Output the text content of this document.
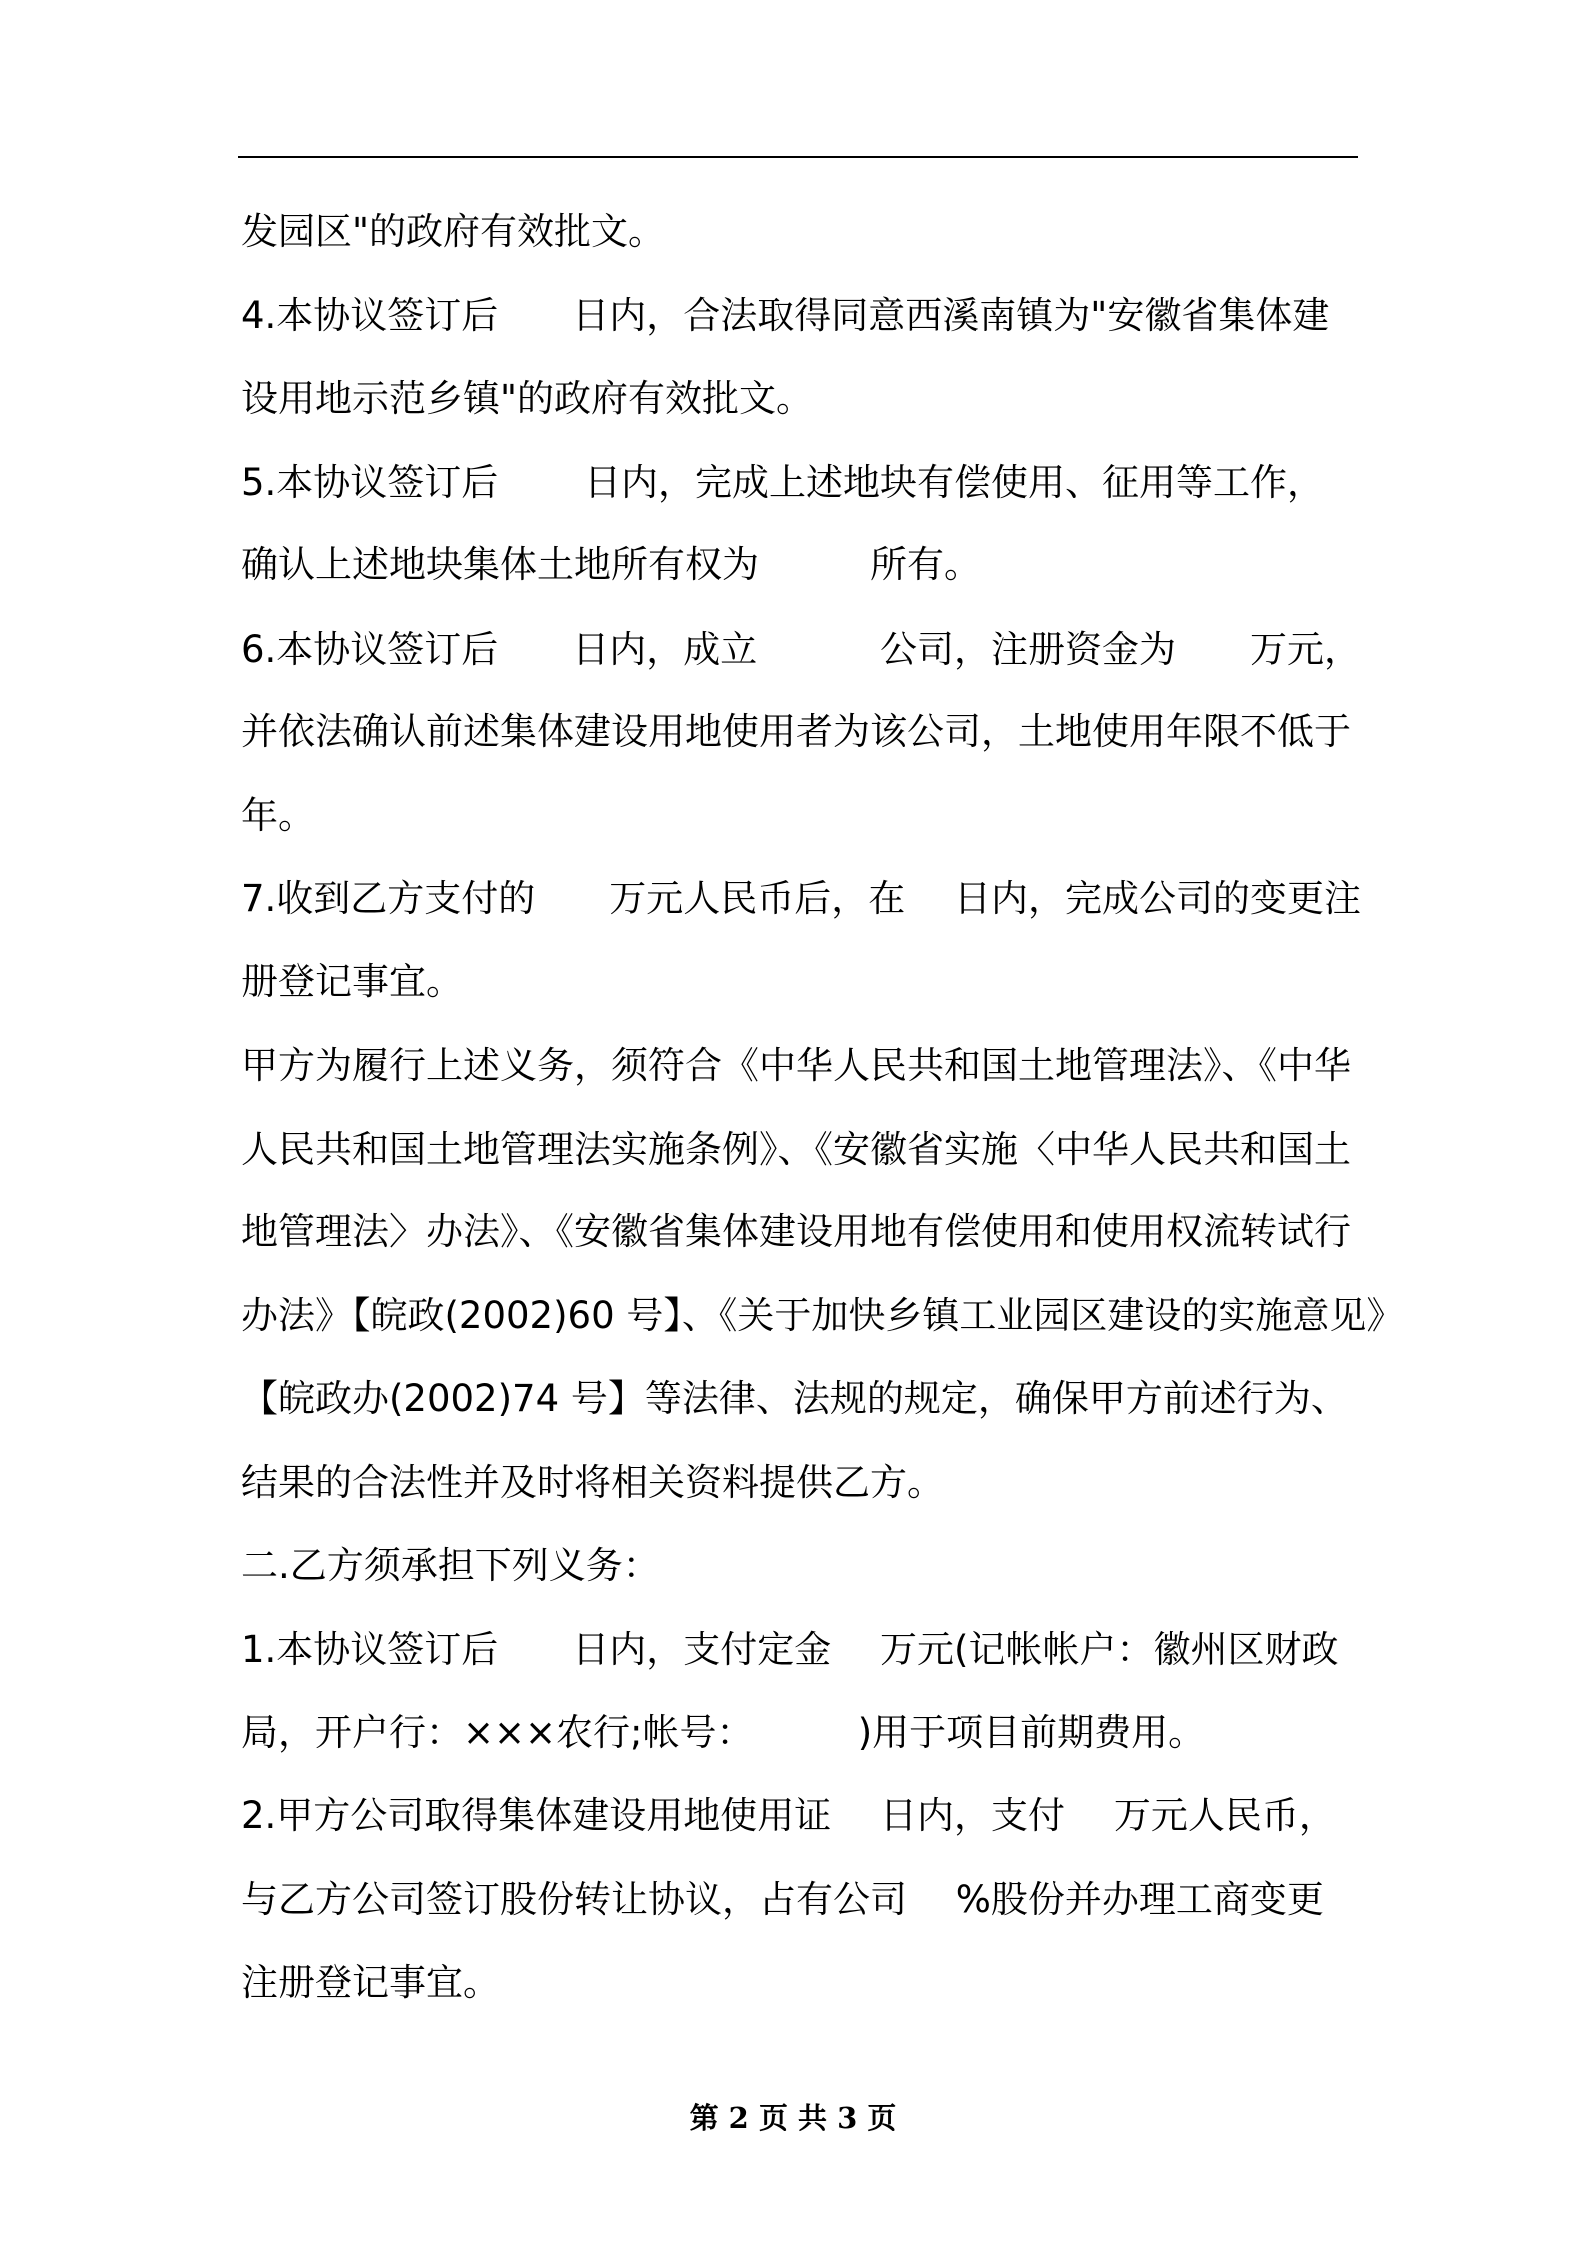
发园区"的政府有效批文。
4.本协议签订后　　日内，合法取得同意西溪南镇为"安徽省集体建
设用地示范乡镇"的政府有效批文。
5.本协议签订后　　 日内，完成上述地块有偿使用、征用等工作，
确认上述地块集体土地所有权为　　　所有。
6.本协议签订后　　日内，成立　　　 公司，注册资金为　　万元，
并依法确认前述集体建设用地使用者为该公司，土地使用年限不低于
年。
7.收到乙方支付的　　万元人民币后，在　 日内，完成公司的变更注
册登记事宜。
甲方为履行上述义务，须符合《中华人民共和国土地管理法》、《中华
人民共和国土地管理法实施条例》、《安徽省实施〈中华人民共和国土
地管理法〉办法》、《安徽省集体建设用地有偿使用和使用权流转试行
办法》【皖政(2002)60 号】、《关于加快乡镇工业园区建设的实施意见》
【皖政办(2002)74 号】等法律、法规的规定，确保甲方前述行为、
结果的合法性并及时将相关资料提供乙方。
二.乙方须承担下列义务：
1.本协议签订后　　日内，支付定金　 万元(记帐帐户：徽州区财政
局，开户行：×××农行;帐号：　　　 )用于项目前期费用。
2.甲方公司取得集体建设用地使用证　 日内，支付　 万元人民币，
与乙方公司签订股份转让协议，占有公司　 %股份并办理工商变更
注册登记事宜。
第 2 页 共 3 页
